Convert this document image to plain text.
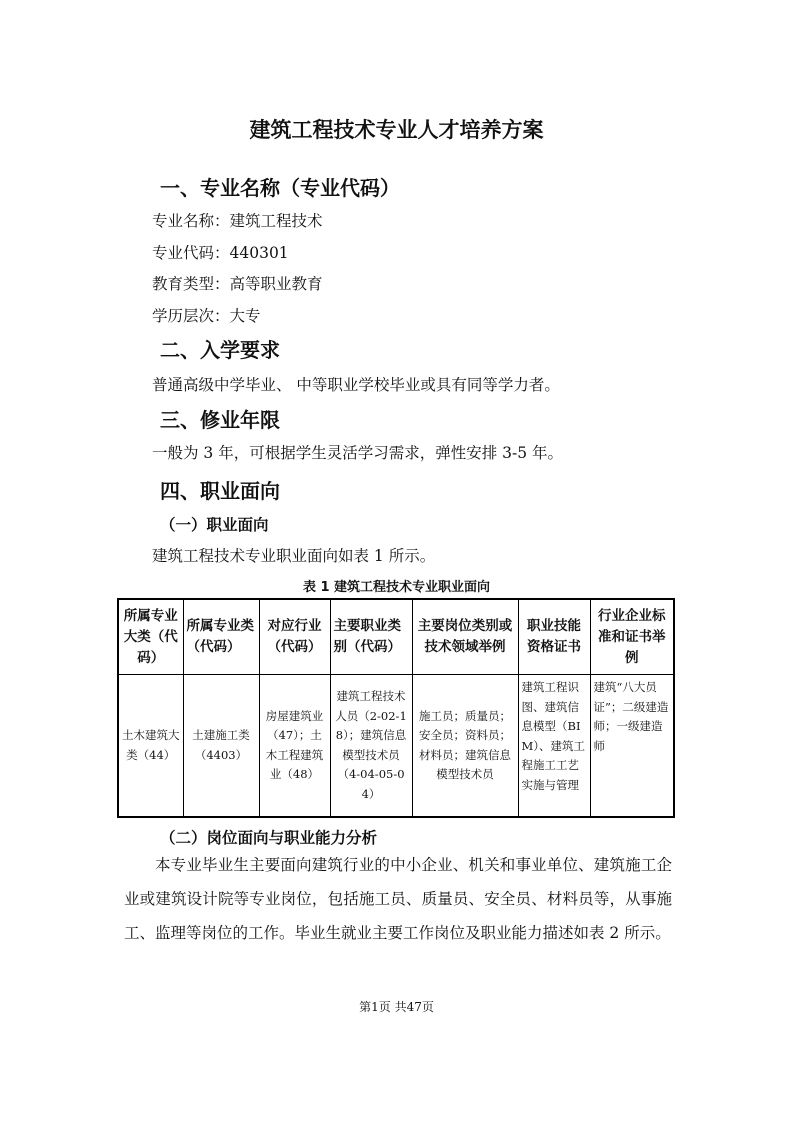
建筑工程技术专业人才培养方案
一、专业名称（专业代码）
专业名称：建筑工程技术
专业代码：440301
教育类型：高等职业教育
学历层次：大专
二、入学要求
普通高级中学毕业、 中等职业学校毕业或具有同等学力者。
三、修业年限
一般为 3 年，可根据学生灵活学习需求，弹性安排 3-5 年。
四、职业面向
（一）职业面向
建筑工程技术专业职业面向如表 1 所示。
表 1 建筑工程技术专业职业面向
所属专业大类（代码）	所属专业类（代码）	对应行业（代码）	主要职业类别（代码）	主要岗位类别或技术领域举例	职业技能资格证书	行业企业标准和证书举例
土木建筑大类（44）	土建施工类（4403）	房屋建筑业（47）；土木工程建筑业（48）	建筑工程技术人员（2-02-18）；建筑信息模型技术员（4-04-05-04）	施工员；质量员；安全员；资料员；材料员；建筑信息模型技术员	建筑工程识图、建筑信息模型（BIM）、建筑工程施工工艺实施与管理	建筑“八大员证”；二级建造师；一级建造师
（二）岗位面向与职业能力分析
本专业毕业生主要面向建筑行业的中小企业、机关和事业单位、建筑施工企业或建筑设计院等专业岗位，包括施工员、质量员、安全员、材料员等，从事施工、监理等岗位的工作。毕业生就业主要工作岗位及职业能力描述如表 2 所示。
第1页 共47页
